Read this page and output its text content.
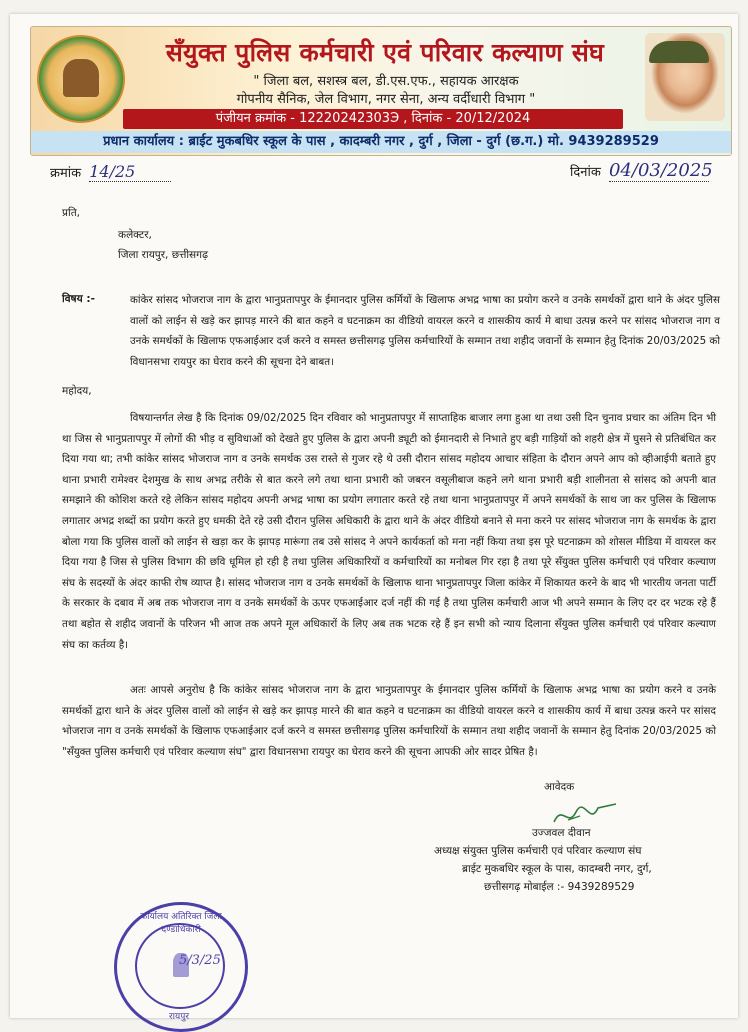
सँयुक्त पुलिस कर्मचारी एवं परिवार कल्याण संघ
" जिला बल, सशस्त्र बल, डी.एस.एफ., सहायक आरक्षक
गोपनीय सैनिक, जेल विभाग, नगर सेना, अन्य वर्दीधारी विभाग "
पंजीयन क्रमांक - 12220242303Э , दिनांक - 20/12/2024
प्रधान कार्यालय : ब्राईट मुकबधिर स्कूल के पास , कादम्बरी नगर , दुर्ग , जिला - दुर्ग (छ.ग.) मो. 9439289529
क्रमांक 14/25	दिनांक 04/03/2025
प्रति,
कलेक्टर,
जिला रायपुर, छत्तीसगढ़
विषय :-	कांकेर सांसद भोजराज नाग के द्वारा भानुप्रतापपुर के ईमानदार पुलिस कर्मियों के खिलाफ अभद्र भाषा का प्रयोग करने व उनके समर्थकों द्वारा थाने के अंदर पुलिस वालों को लाईन से खड़े कर झापड़ मारने की बात कहने व घटनाक्रम का वीडियो वायरल करने व शासकीय कार्य मे बाधा उत्पन्न करने पर सांसद भोजराज नाग व उनके समर्थकों के खिलाफ एफआईआर दर्ज करने व समस्त छत्तीसगढ़ पुलिस कर्मचारियों के सम्मान तथा शहीद जवानों के सम्मान हेतु दिनांक 20/03/2025 को विधानसभा रायपुर का घेराव करने की सूचना देने बाबत।
महोदय,
विषयान्तर्गत लेख है कि दिनांक 09/02/2025 दिन रविवार को भानुप्रतापपुर में साप्ताहिक बाजार लगा हुआ था तथा उसी दिन चुनाव प्रचार का अंतिम दिन भी था जिस से भानुप्रतापपुर में लोगों की भीड़ व सुविधाओं को देखते हुए पुलिस के द्वारा अपनी ड्यूटी को ईमानदारी से निभाते हुए बड़ी गाड़ियों को शहरी क्षेत्र में घुसने से प्रतिबंधित कर दिया गया था; तभी कांकेर सांसद भोजराज नाग व उनके समर्थक उस रास्ते से गुजर रहे थे उसी दौरान सांसद महोदय आचार संहिता के दौरान अपने आप को व्हीआईपी बताते हुए थाना प्रभारी रामेश्वर देशमुख के साथ अभद्र तरीके से बात करने लगे तथा थाना प्रभारी को जबरन वसूलीबाज कहने लगे थाना प्रभारी बड़ी शालीनता से सांसद को अपनी बात समझाने की कोशिश करते रहे लेकिन सांसद महोदय अपनी अभद्र भाषा का प्रयोग लगातार करते रहे तथा थाना भानुप्रतापपुर में अपने समर्थकों के साथ जा कर पुलिस के खिलाफ लगातार अभद्र शब्दों का प्रयोग करते हुए धमकी देते रहे उसी दौरान पुलिस अधिकारी के द्वारा थाने के अंदर वीडियो बनाने से मना करने पर सांसद भोजराज नाग के समर्थक के द्वारा बोला गया कि पुलिस वालों को लाईन से खड़ा कर के झापड़ मारूंगा तब उसे सांसद ने अपने कार्यकर्ता को मना नहीं किया तथा इस पूरे घटनाक्रम को शोसल मीडिया में वायरल कर दिया गया है जिस से पुलिस विभाग की छवि धूमिल हो रही है तथा पुलिस अधिकारियों व कर्मचारियों का मनोबल गिर रहा है तथा पूरे सँयुक्त पुलिस कर्मचारी एवं परिवार कल्याण संघ के सदस्यों के अंदर काफी रोष व्याप्त है। सांसद भोजराज नाग व उनके समर्थकों के खिलाफ थाना भानुप्रतापपुर जिला कांकेर में शिकायत करने के बाद भी भारतीय जनता पार्टी के सरकार के दबाव में अब तक भोजराज नाग व उनके समर्थकों के ऊपर एफआईआर दर्ज नहीं की गई है तथा पुलिस कर्मचारी आज भी अपने सम्मान के लिए दर दर भटक रहे हैं तथा बहोत से शहीद जवानों के परिजन भी आज तक अपने मूल अधिकारों के लिए अब तक भटक रहे हैं इन सभी को न्याय दिलाना सँयुक्त पुलिस कर्मचारी एवं परिवार कल्याण संघ का कर्तव्य है।
अतः आपसे अनुरोध है कि कांकेर सांसद भोजराज नाग के द्वारा भानुप्रतापपुर के ईमानदार पुलिस कर्मियों के खिलाफ अभद्र भाषा का प्रयोग करने व उनके समर्थकों द्वारा थाने के अंदर पुलिस वालों को लाईन से खड़े कर झापड़ मारने की बात कहने व घटनाक्रम का वीडियो वायरल करने व शासकीय कार्य में बाधा उत्पन्न करने पर सांसद भोजराज नाग व उनके समर्थकों के खिलाफ एफआईआर दर्ज करने व समस्त छत्तीसगढ़ पुलिस कर्मचारियों के सम्मान तथा शहीद जवानों के सम्मान हेतु दिनांक 20/03/2025 को "सँयुक्त पुलिस कर्मचारी एवं परिवार कल्याण संघ" द्वारा विधानसभा रायपुर का घेराव करने की सूचना आपकी ओर सादर प्रेषित है।
आवेदक
उज्जवल दीवान
अध्यक्ष संयुक्त पुलिस कर्मचारी एवं परिवार कल्याण संघ
ब्राईट मुकबधिर स्कूल के पास, कादम्बरी नगर, दुर्ग,
छत्तीसगढ़ मोबाईल :- 9439289529
कार्यालय अतिरिक्त जिला दण्डाधिकारी
रायपुर
5/3/25
